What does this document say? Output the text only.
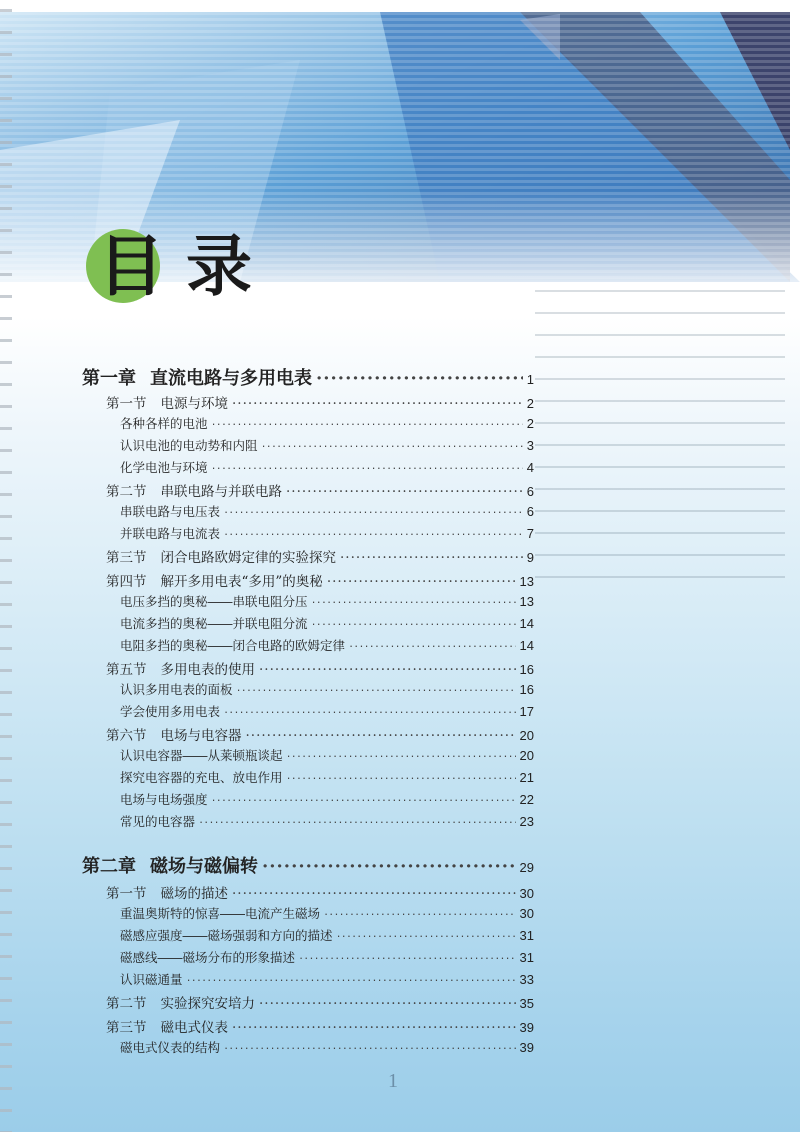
目录
第一章 直流电路与多用电表 ·····	1
第一节 电源与环境 ·····	2
各种各样的电池 ·····	2
认识电池的电动势和内阻 ·····	3
化学电池与环境 ·····	4
第二节 串联电路与并联电路 ·····	6
串联电路与电压表 ·····	6
并联电路与电流表 ·····	7
第三节 闭合电路欧姆定律的实验探究 ·····	9
第四节 解开多用电表“多用”的奥秘 ·····	13
电压多挡的奥秘——串联电阻分压 ·····	13
电流多挡的奥秘——并联电阻分流 ·····	14
电阻多挡的奥秘——闭合电路的欧姆定律 ·····	14
第五节 多用电表的使用 ·····	16
认识多用电表的面板 ·····	16
学会使用多用电表 ·····	17
第六节 电场与电容器 ·····	20
认识电容器——从莱顿瓶谈起 ·····	20
探究电容器的充电、放电作用 ·····	21
电场与电场强度 ·····	22
常见的电容器 ·····	23
第二章 磁场与磁偏转 ·····	29
第一节 磁场的描述 ·····	30
重温奥斯特的惊喜——电流产生磁场 ·····	30
磁感应强度——磁场强弱和方向的描述 ·····	31
磁感线——磁场分布的形象描述 ·····	31
认识磁通量 ·····	33
第二节 实验探究安培力 ·····	35
第三节 磁电式仪表 ·····	39
磁电式仪表的结构 ·····	39
1
